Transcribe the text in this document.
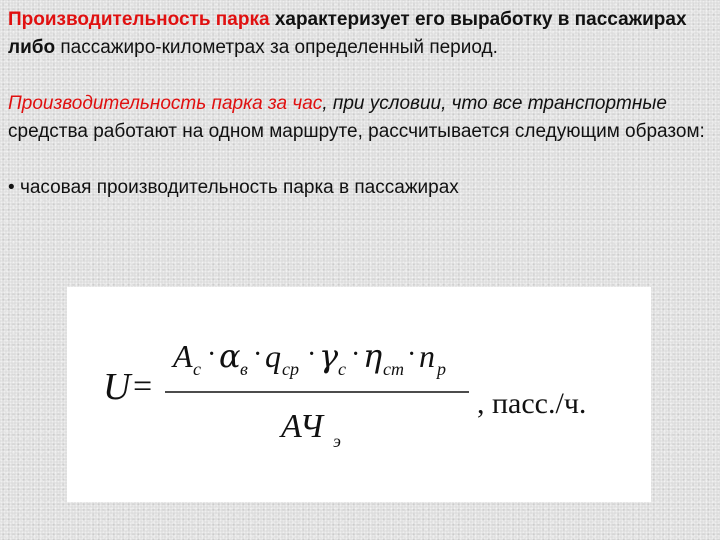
Производительность парка характеризует его выработку в пассажирах либо пассажиро-километрах за определенный период.

Производительность парка за час, при условии, что все транспортные средства работают на одном маршруте, рассчитывается следующим образом:

• часовая производительность парка в пассажирах

U =
A c · α в · q ср · γ c · η ст · n р
АЧ э
, пасс./ч.
